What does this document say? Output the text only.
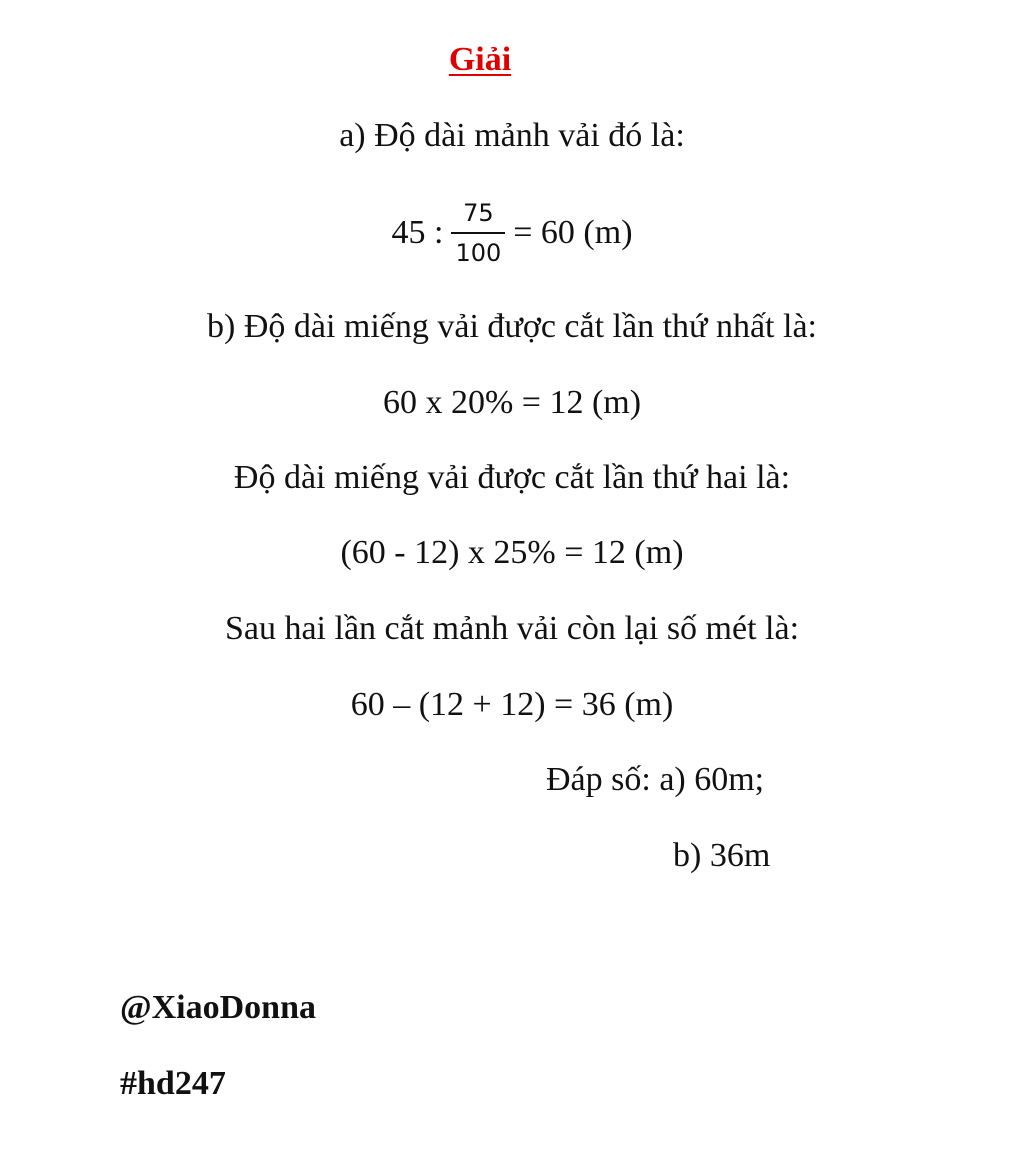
Giải
a) Độ dài mảnh vải đó là:
45 : $\frac{75}{100} = 60$ (m)
b) Độ dài miếng vải được cắt lần thứ nhất là:
60 x 20% = 12 (m)
Độ dài miếng vải được cắt lần thứ hai là:
(60 - 12) x 25% = 12 (m)
Sau hai lần cắt mảnh vải còn lại số mét là:
60 – (12 + 12) = 36 (m)
Đáp số: a) 60m;
b) 36m
@XiaoDonna
#hd247
